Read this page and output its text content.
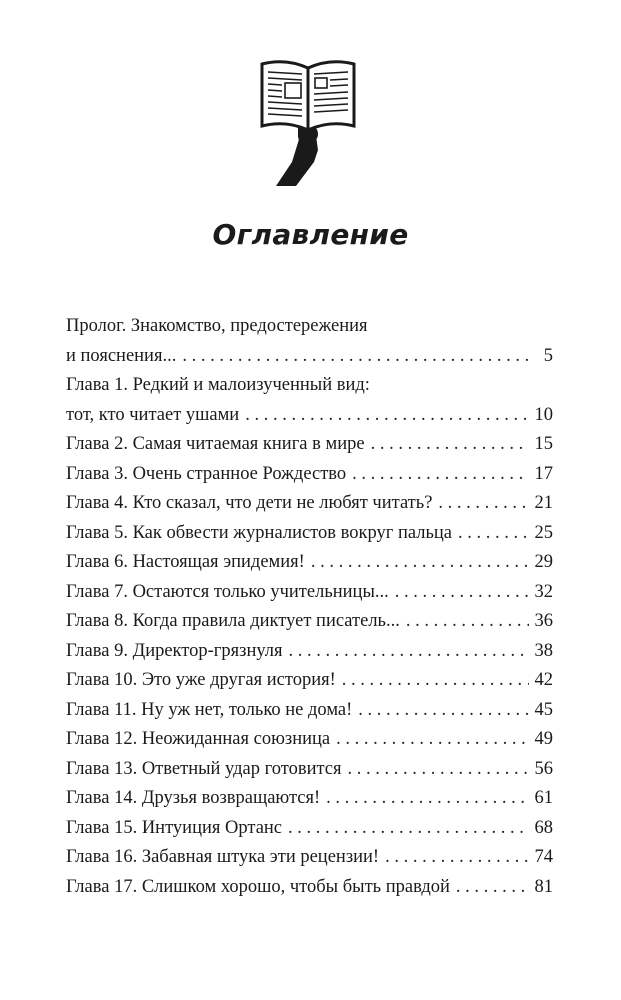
Оглавление
Пролог. Знакомство, предостережения
и пояснения... . . .	5
Глава 1. Редкий и малоизученный вид:
тот, кто читает ушами . . .	10
Глава 2. Самая читаемая книга в мире . . .	15
Глава 3. Очень странное Рождество . . .	17
Глава 4. Кто сказал, что дети не любят читать? . . .	21
Глава 5. Как обвести журналистов вокруг пальца . . .	25
Глава 6. Настоящая эпидемия! . . .	29
Глава 7. Остаются только учительницы... . . .	32
Глава 8. Когда правила диктует писатель... . . .	36
Глава 9. Директор-грязнуля . . .	38
Глава 10. Это уже другая история! . . .	42
Глава 11. Ну уж нет, только не дома! . . .	45
Глава 12. Неожиданная союзница . . .	49
Глава 13. Ответный удар готовится . . .	56
Глава 14. Друзья возвращаются! . . .	61
Глава 15. Интуиция Ортанс . . .	68
Глава 16. Забавная штука эти рецензии! . . .	74
Глава 17. Слишком хорошо, чтобы быть правдой . . .	81
